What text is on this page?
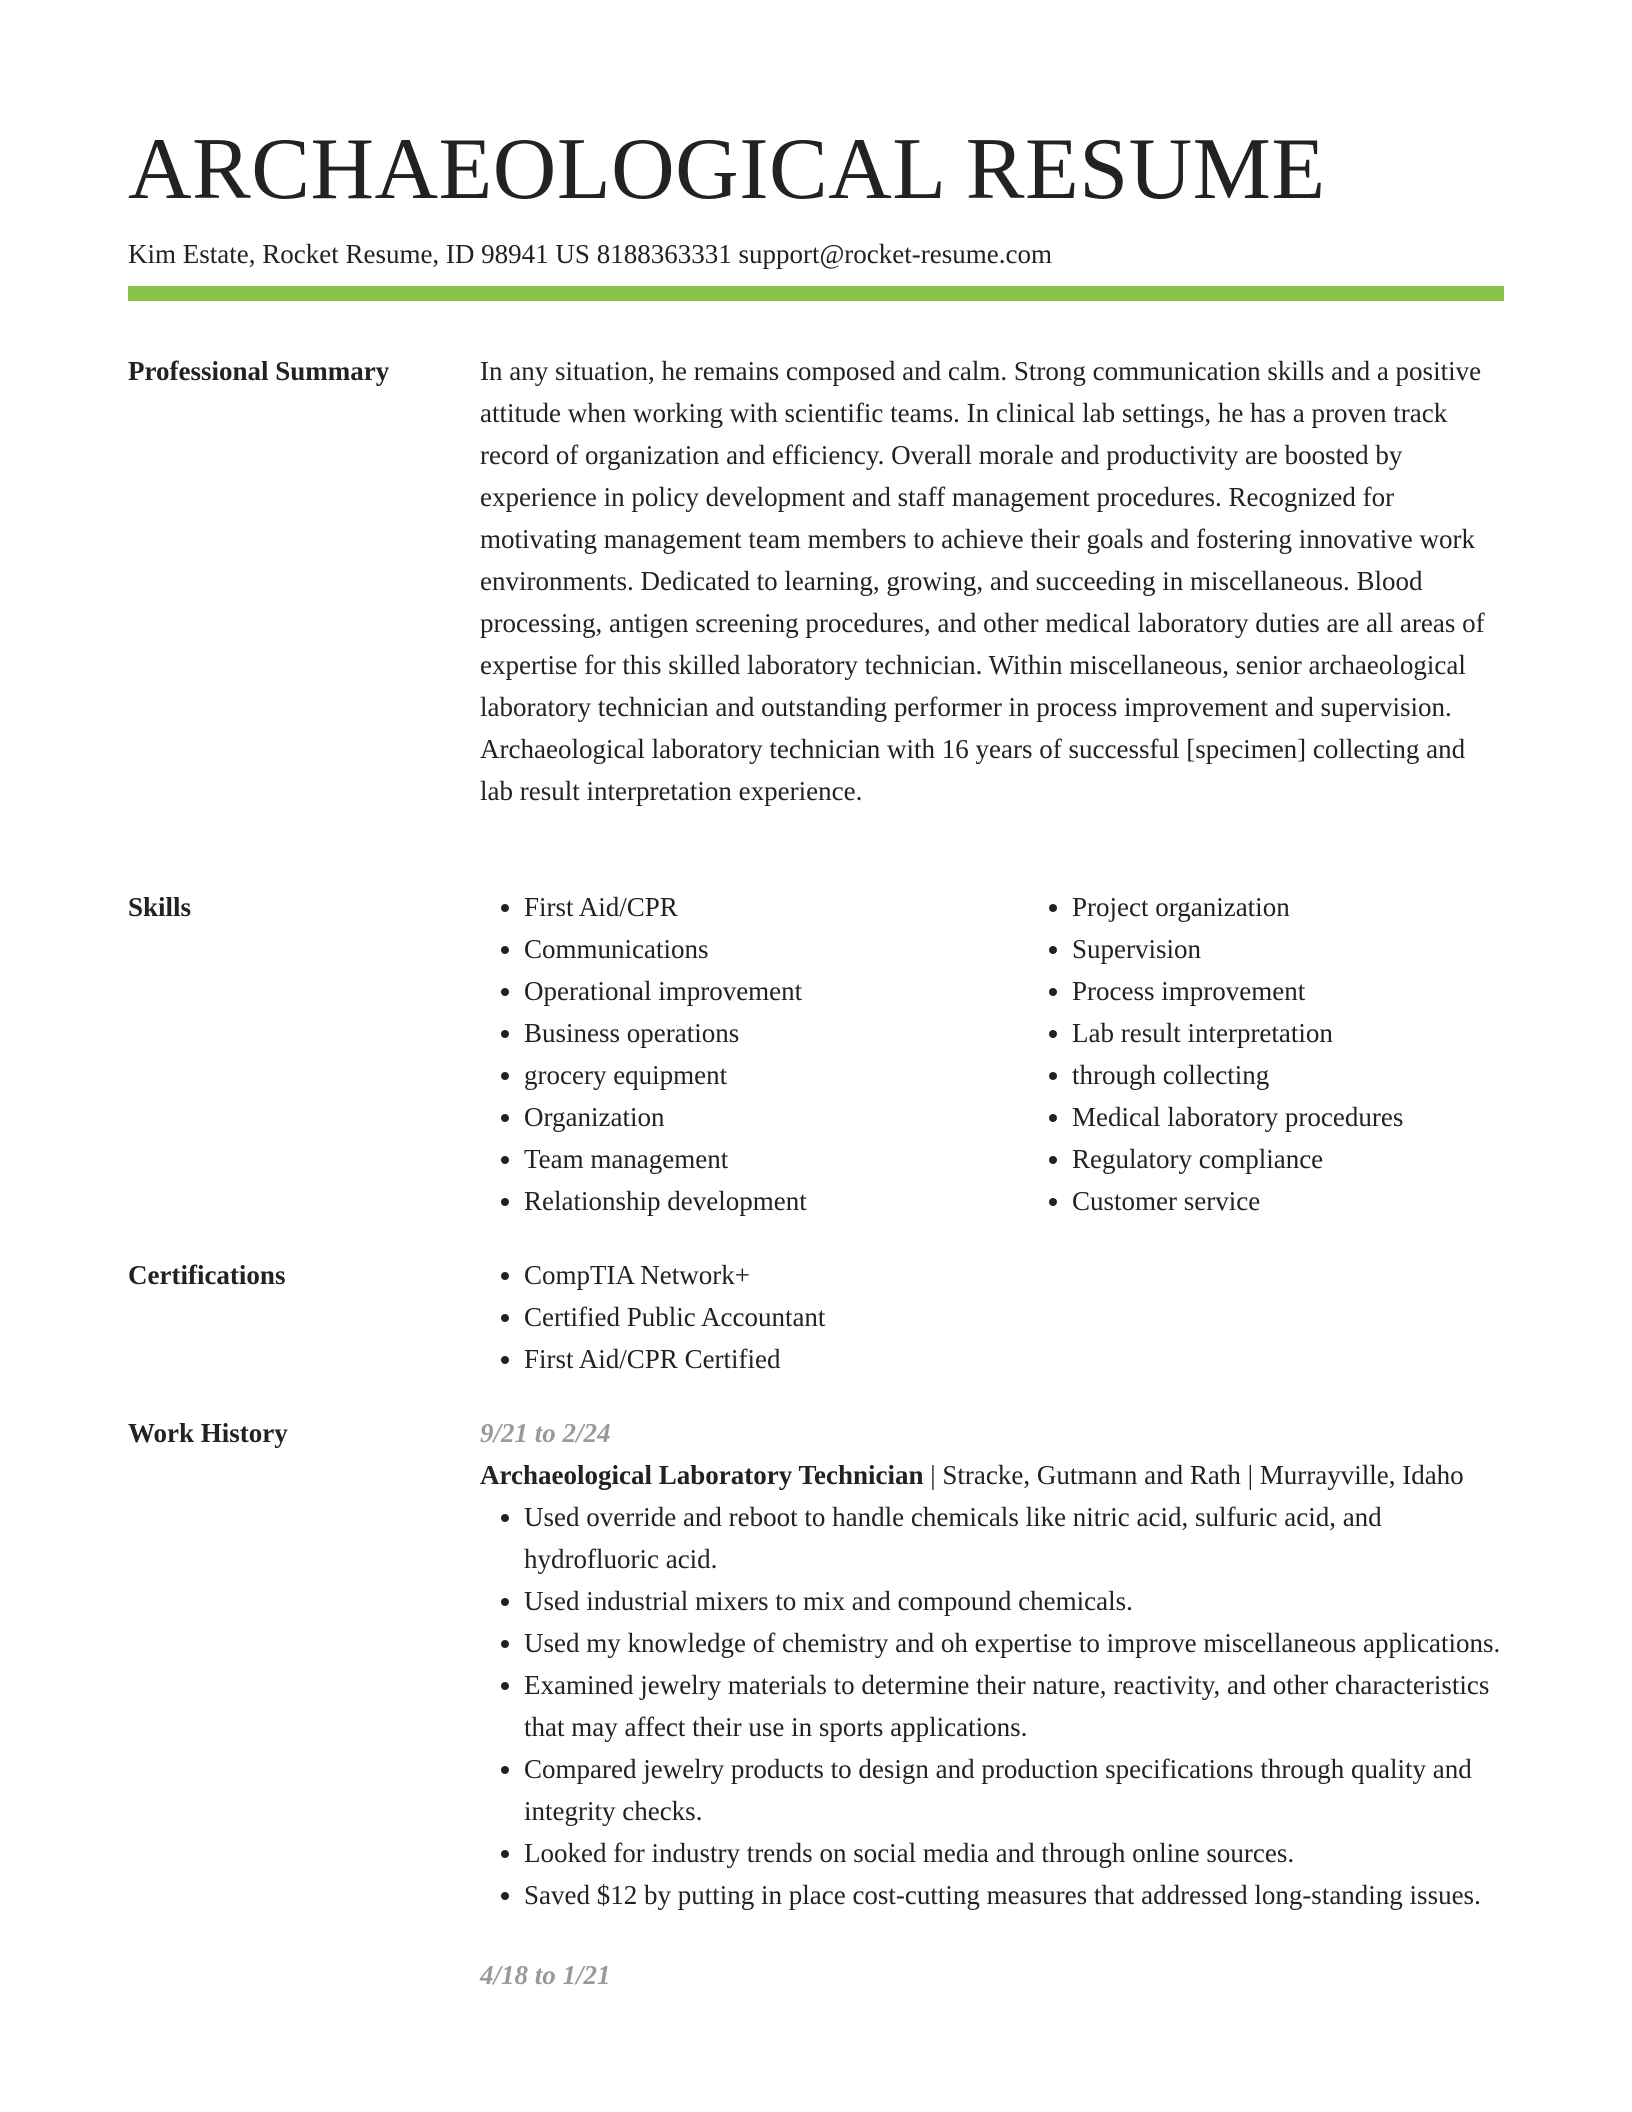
ARCHAEOLOGICAL RESUME
Kim Estate, Rocket Resume, ID 98941 US 8188363331 support@rocket-resume.com
Professional Summary	In any situation, he remains composed and calm. Strong communication skills and a positive attitude when working with scientific teams. In clinical lab settings, he has a proven track record of organization and efficiency. Overall morale and productivity are boosted by experience in policy development and staff management procedures. Recognized for motivating management team members to achieve their goals and fostering innovative work environments. Dedicated to learning, growing, and succeeding in miscellaneous. Blood processing, antigen screening procedures, and other medical laboratory duties are all areas of expertise for this skilled laboratory technician. Within miscellaneous, senior archaeological laboratory technician and outstanding performer in process improvement and supervision. Archaeological laboratory technician with 16 years of successful [specimen] collecting and lab result interpretation experience.

Skills	• First Aid/CPR
• Communications
• Operational improvement
• Business operations
• grocery equipment
• Organization
• Team management
• Relationship development
• Project organization
• Supervision
• Process improvement
• Lab result interpretation
• through collecting
• Medical laboratory procedures
• Regulatory compliance
• Customer service
Certifications	• CompTIA Network+
• Certified Public Accountant
• First Aid/CPR Certified
Work History	9/21 to 2/24
Archaeological Laboratory Technician | Stracke, Gutmann and Rath | Murrayville, Idaho
• Used override and reboot to handle chemicals like nitric acid, sulfuric acid, and hydrofluoric acid.
• Used industrial mixers to mix and compound chemicals.
• Used my knowledge of chemistry and oh expertise to improve miscellaneous applications.
• Examined jewelry materials to determine their nature, reactivity, and other characteristics that may affect their use in sports applications.
• Compared jewelry products to design and production specifications through quality and integrity checks.
• Looked for industry trends on social media and through online sources.
• Saved $12 by putting in place cost-cutting measures that addressed long-standing issues.
4/18 to 1/21
